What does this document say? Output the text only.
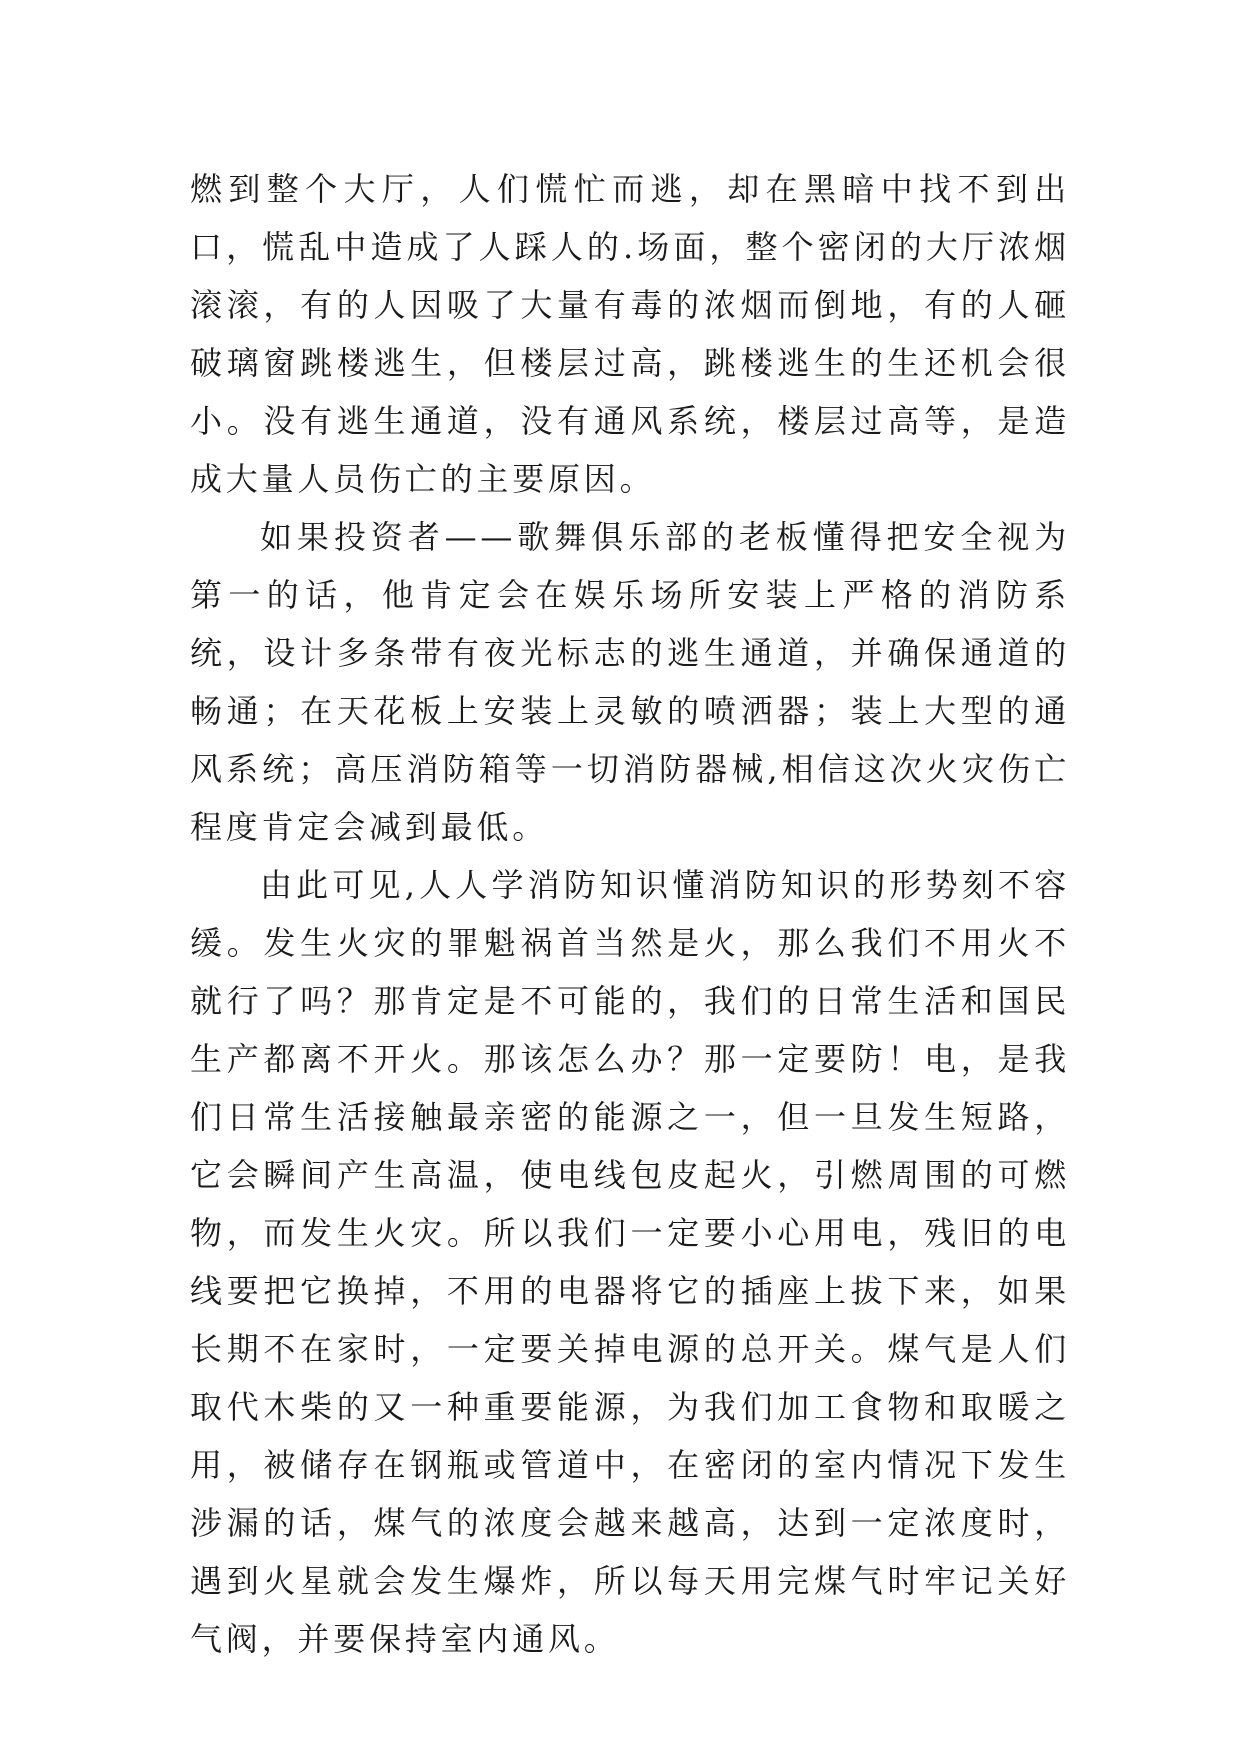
燃到整个大厅，人们慌忙而逃，却在黑暗中找不到出口，慌乱中造成了人踩人的.场面，整个密闭的大厅浓烟滚滚，有的人因吸了大量有毒的浓烟而倒地，有的人砸破璃窗跳楼逃生，但楼层过高，跳楼逃生的生还机会很小。没有逃生通道，没有通风系统，楼层过高等，是造成大量人员伤亡的主要原因。

如果投资者——歌舞俱乐部的老板懂得把安全视为第一的话，他肯定会在娱乐场所安装上严格的消防系统，设计多条带有夜光标志的逃生通道，并确保通道的畅通；在天花板上安装上灵敏的喷洒器；装上大型的通风系统；高压消防箱等一切消防器械,相信这次火灾伤亡程度肯定会减到最低。

由此可见,人人学消防知识懂消防知识的形势刻不容缓。发生火灾的罪魁祸首当然是火，那么我们不用火不就行了吗？那肯定是不可能的，我们的日常生活和国民生产都离不开火。那该怎么办？那一定要防！电，是我们日常生活接触最亲密的能源之一，但一旦发生短路，它会瞬间产生高温，使电线包皮起火，引燃周围的可燃物，而发生火灾。所以我们一定要小心用电，残旧的电线要把它换掉，不用的电器将它的插座上拔下来，如果长期不在家时，一定要关掉电源的总开关。煤气是人们取代木柴的又一种重要能源，为我们加工食物和取暖之用，被储存在钢瓶或管道中，在密闭的室内情况下发生涉漏的话，煤气的浓度会越来越高，达到一定浓度时，遇到火星就会发生爆炸，所以每天用完煤气时牢记关好气阀，并要保持室内通风。
